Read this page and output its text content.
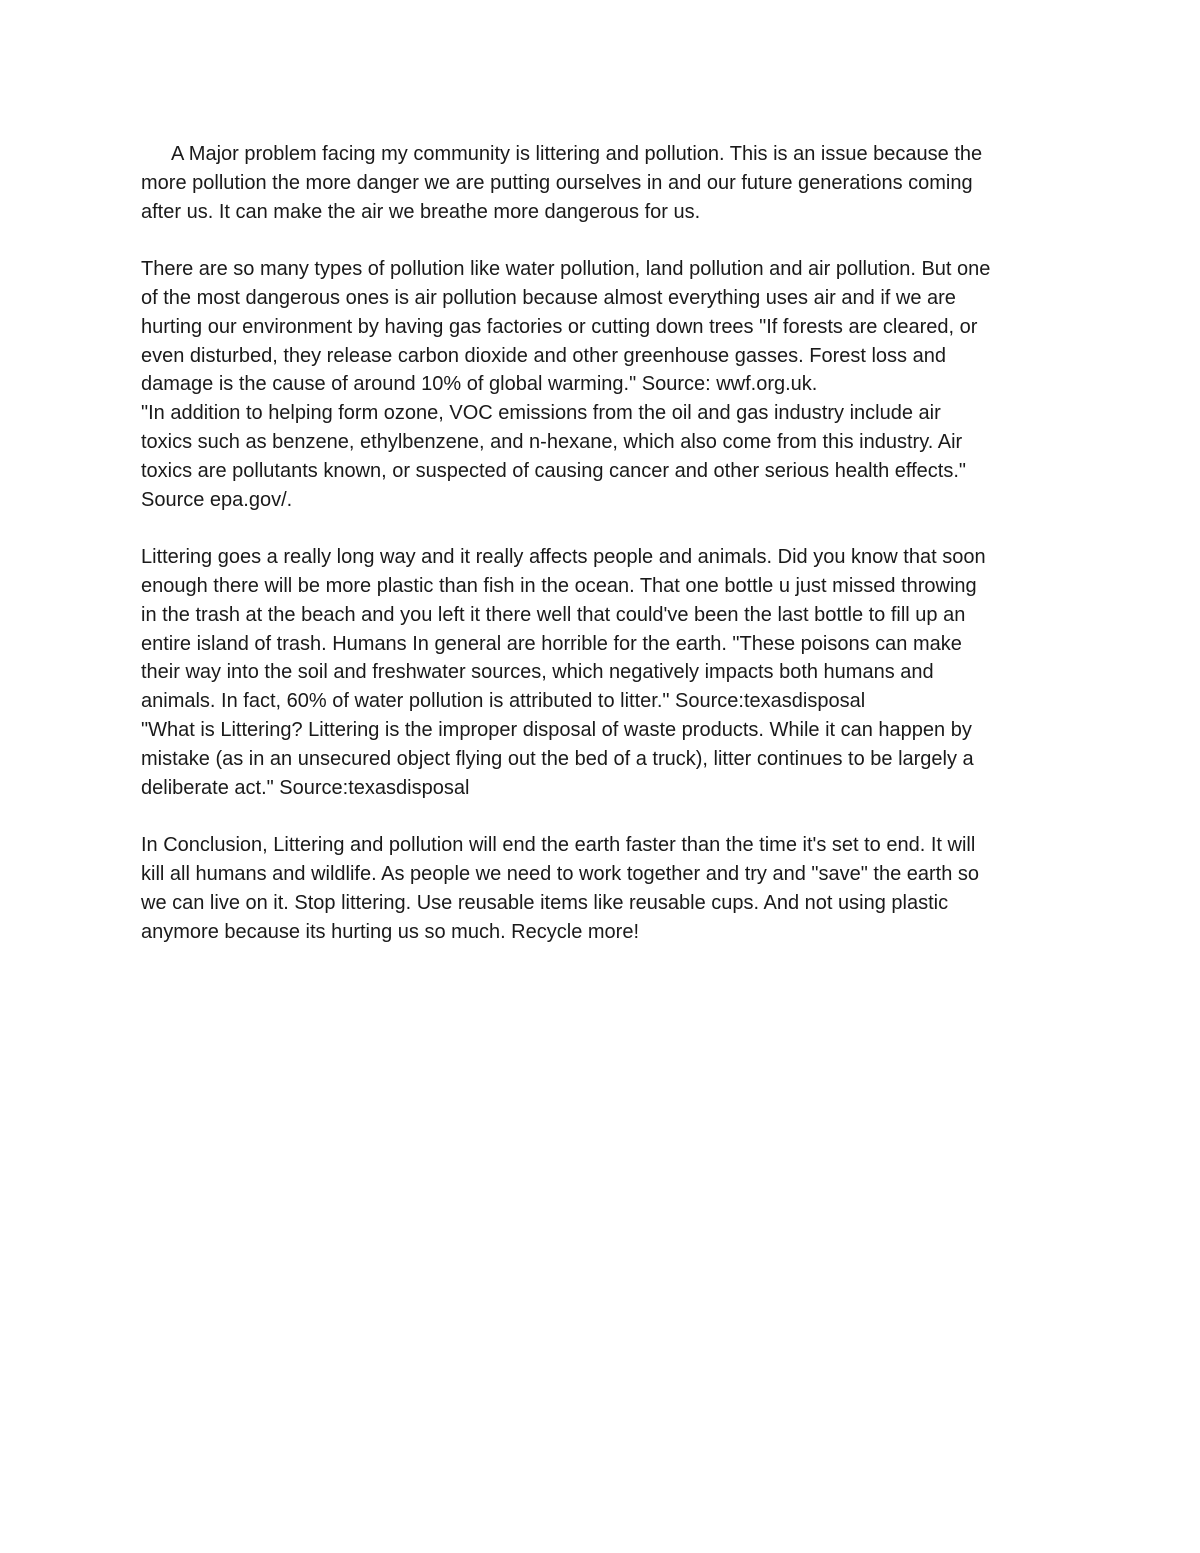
A Major problem facing my community is littering and pollution. This is an issue because the
more pollution the more danger we are putting ourselves in and our future generations coming
after us. It can make the air we breathe more dangerous for us.

There are so many types of pollution like water pollution, land pollution and air pollution. But one
of the most dangerous ones is air pollution because almost everything uses air and if we are
hurting our environment by having gas factories or cutting down trees "If forests are cleared, or
even disturbed, they release carbon dioxide and other greenhouse gasses. Forest loss and
damage is the cause of around 10% of global warming." Source: wwf.org.uk.
"In addition to helping form ozone, VOC emissions from the oil and gas industry include air
toxics such as benzene, ethylbenzene, and n-hexane, which also come from this industry. Air
toxics are pollutants known, or suspected of causing cancer and other serious health effects."
Source epa.gov/.

Littering goes a really long way and it really affects people and animals. Did you know that soon
enough there will be more plastic than fish in the ocean. That one bottle u just missed throwing
in the trash at the beach and you left it there well that could've been the last bottle to fill up an
entire island of trash. Humans In general are horrible for the earth. "These poisons can make
their way into the soil and freshwater sources, which negatively impacts both humans and
animals. In fact, 60% of water pollution is attributed to litter." Source:texasdisposal
"What is Littering? Littering is the improper disposal of waste products. While it can happen by
mistake (as in an unsecured object flying out the bed of a truck), litter continues to be largely a
deliberate act." Source:texasdisposal

In Conclusion, Littering and pollution will end the earth faster than the time it's set to end. It will
kill all humans and wildlife. As people we need to work together and try and "save" the earth so
we can live on it. Stop littering. Use reusable items like reusable cups. And not using plastic
anymore because its hurting us so much. Recycle more!
